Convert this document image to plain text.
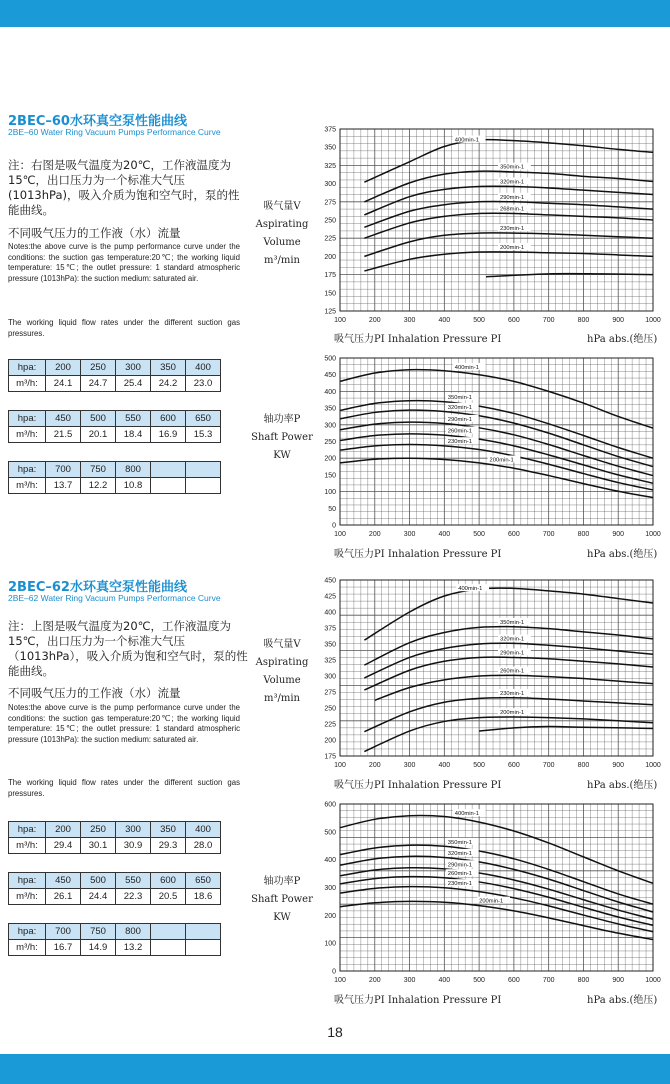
2BEC–60水环真空泵性能曲线
2BE–60 Water Ring Vacuum Pumps Performance Curve
注：右图是吸气温度为20℃，工作液温度为15℃，出口压力为一个标准大气压(1013hPa)，吸入介质为饱和空气时，泵的性能曲线。
不同吸气压力的工作液（水）流量
Notes:the above curve is the pump performance curve under the conditions: the suction gas temperature:20℃; the working liquid temperature: 15℃; the outlet pressure: 1 standard atmospheric pressure (1013hPa): the suction medium: saturated air.
The working liquid flow rates under the different suction gas pressures.
hpa:	200	250	300	350	400
m³/h:	24.1	24.7	25.4	24.2	23.0
hpa:	450	500	550	600	650
m³/h:	21.5	20.1	18.4	16.9	15.3
hpa:	700	750	800		
m³/h:	13.7	12.2	10.8		
吸气量V
Aspirating
Volume
m³/min
轴功率P
Shaft Power
KW
100	200	300	400	500	600	700	800	900	1000
125
150
175
200
225
250
275
300
325
350
375
400min-1
350min-1
320min-1
290min-1
268min-1
230min-1
200min-1
吸气压力PI Inhalation Pressure PI	hPa abs.(绝压)
100	200	300	400	500	600	700	800	900	1000
0
50
100
150
200
250
300
350
400
450
500
400min-1
350min-1
320min-1
290min-1
260min-1
230min-1
200min-1
吸气压力PI Inhalation Pressure PI	hPa abs.(绝压)
2BEC–62水环真空泵性能曲线
2BE–62 Water Ring Vacuum Pumps Performance Curve
注：上图是吸气温度为20℃，工作液温度为15℃，出口压力为一个标准大气压（1013hPa），吸入介质为饱和空气时，泵的性能曲线。
不同吸气压力的工作液（水）流量
Notes:the above curve is the pump performance curve under the conditions: the suction gas temperature:20℃; the working liquid temperature: 15℃; the outlet pressure: 1 standard atmospheric pressure (1013hPa): the suction medium: saturated air.
The working liquid flow rates under the different suction gas pressures.
hpa:	200	250	300	350	400
m³/h:	29.4	30.1	30.9	29.3	28.0
hpa:	450	500	550	600	650
m³/h:	26.1	24.4	22.3	20.5	18.6
hpa:	700	750	800		
m³/h:	16.7	14.9	13.2		
吸气量V
Aspirating
Volume
m³/min
轴功率P
Shaft Power
KW
100	200	300	400	500	600	700	800	900	1000
175
200
225
250
275
300
325
350
375
400
425
450
400min-1
350min-1
320min-1
290min-1
260min-1
230min-1
200min-1
吸气压力PI Inhalation Pressure PI	hPa abs.(绝压)
100	200	300	400	500	600	700	800	900	1000
0
100
200
300
400
500
600
400min-1
350min-1
320min-1
290min-1
260min-1
230min-1
200min-1
吸气压力PI Inhalation Pressure PI	hPa abs.(绝压)
18
